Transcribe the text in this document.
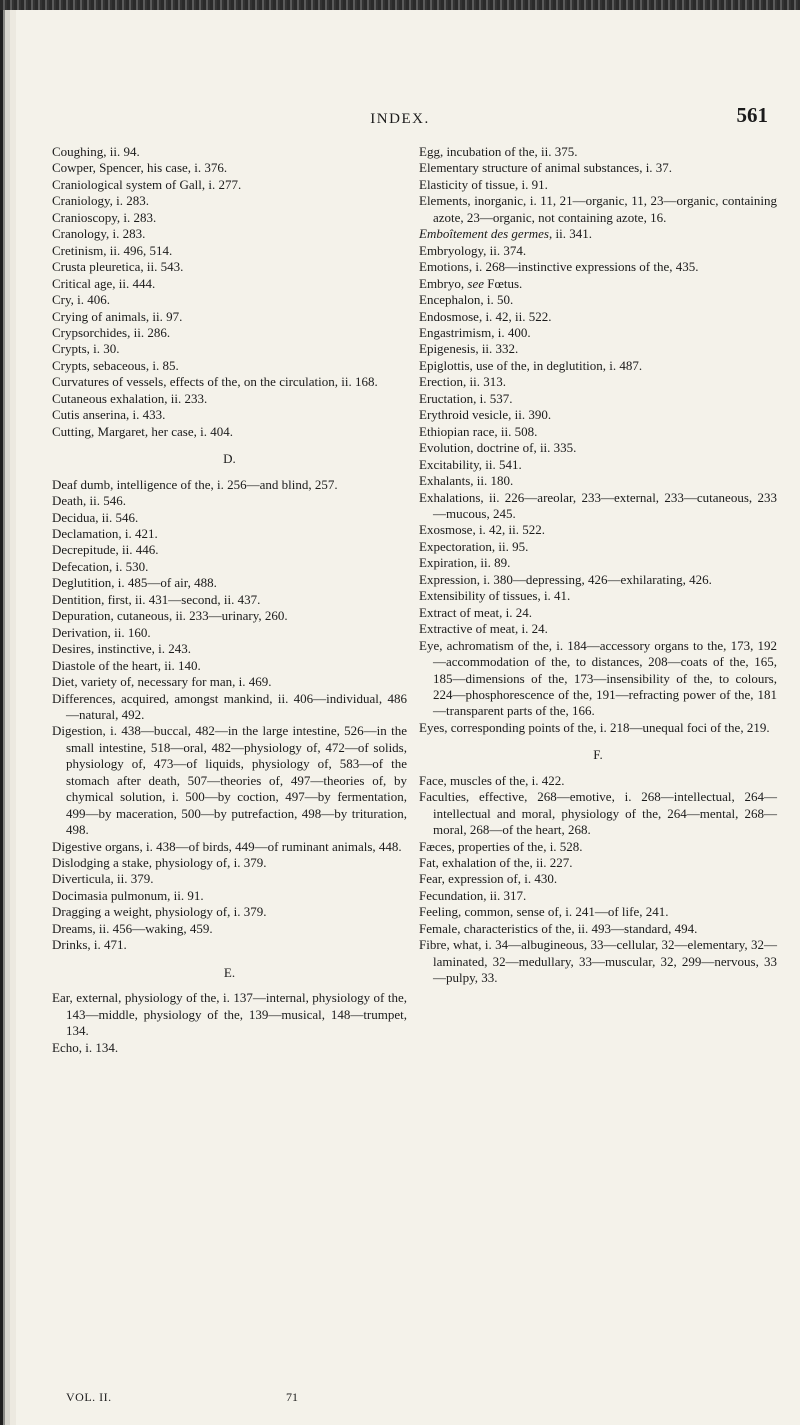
INDEX.	561
Coughing, ii. 94.
Cowper, Spencer, his case, i. 376.
Craniological system of Gall, i. 277.
Craniology, i. 283.
Cranioscopy, i. 283.
Cranology, i. 283.
Cretinism, ii. 496, 514.
Crusta pleuretica, ii. 543.
Critical age, ii. 444.
Cry, i. 406.
Crying of animals, ii. 97.
Crypsorchides, ii. 286.
Crypts, i. 30.
Crypts, sebaceous, i. 85.
Curvatures of vessels, effects of the, on the circulation, ii. 168.
Cutaneous exhalation, ii. 233.
Cutis anserina, i. 433.
Cutting, Margaret, her case, i. 404.
D.
Deaf dumb, intelligence of the, i. 256—and blind, 257.
Death, ii. 546.
Decidua, ii. 546.
Declamation, i. 421.
Decrepitude, ii. 446.
Defecation, i. 530.
Deglutition, i. 485—of air, 488.
Dentition, first, ii. 431—second, ii. 437.
Depuration, cutaneous, ii. 233—urinary, 260.
Derivation, ii. 160.
Desires, instinctive, i. 243.
Diastole of the heart, ii. 140.
Diet, variety of, necessary for man, i. 469.
Differences, acquired, amongst mankind, ii. 406—individual, 486—natural, 492.
Digestion, i. 438—buccal, 482—in the large intestine, 526—in the small intestine, 518—oral, 482—physiology of, 472—of solids, physiology of, 473—of liquids, physiology of, 583—of the stomach after death, 507—theories of, 497—theories of, by chymical solution, i. 500—by coction, 497—by fermentation, 499—by maceration, 500—by putrefaction, 498—by trituration, 498.
Digestive organs, i. 438—of birds, 449—of ruminant animals, 448.
Dislodging a stake, physiology of, i. 379.
Diverticula, ii. 379.
Docimasia pulmonum, ii. 91.
Dragging a weight, physiology of, i. 379.
Dreams, ii. 456—waking, 459.
Drinks, i. 471.
E.
Ear, external, physiology of the, i. 137—internal, physiology of the, 143—middle, physiology of the, 139—musical, 148—trumpet, 134.
Echo, i. 134.
Egg, incubation of the, ii. 375.
Elementary structure of animal substances, i. 37.
Elasticity of tissue, i. 91.
Elements, inorganic, i. 11, 21—organic, 11, 23—organic, containing azote, 23—organic, not containing azote, 16.
Emboîtement des germes, ii. 341.
Embryology, ii. 374.
Emotions, i. 268—instinctive expressions of the, 435.
Embryo, see Fœtus.
Encephalon, i. 50.
Endosmose, i. 42, ii. 522.
Engastrimism, i. 400.
Epigenesis, ii. 332.
Epiglottis, use of the, in deglutition, i. 487.
Erection, ii. 313.
Eructation, i. 537.
Erythroid vesicle, ii. 390.
Ethiopian race, ii. 508.
Evolution, doctrine of, ii. 335.
Excitability, ii. 541.
Exhalants, ii. 180.
Exhalations, ii. 226—areolar, 233—external, 233—cutaneous, 233—mucous, 245.
Exosmose, i. 42, ii. 522.
Expectoration, ii. 95.
Expiration, ii. 89.
Expression, i. 380—depressing, 426—exhilarating, 426.
Extensibility of tissues, i. 41.
Extract of meat, i. 24.
Extractive of meat, i. 24.
Eye, achromatism of the, i. 184—accessory organs to the, 173, 192—accommodation of the, to distances, 208—coats of the, 165, 185—dimensions of the, 173—insensibility of the, to colours, 224—phosphorescence of the, 191—refracting power of the, 181—transparent parts of the, 166.
Eyes, corresponding points of the, i. 218—unequal foci of the, 219.
F.
Face, muscles of the, i. 422.
Faculties, effective, 268—emotive, i. 268—intellectual, 264—intellectual and moral, physiology of the, 264—mental, 268—moral, 268—of the heart, 268.
Fæces, properties of the, i. 528.
Fat, exhalation of the, ii. 227.
Fear, expression of, i. 430.
Fecundation, ii. 317.
Feeling, common, sense of, i. 241—of life, 241.
Female, characteristics of the, ii. 493—standard, 494.
Fibre, what, i. 34—albugineous, 33—cellular, 32—elementary, 32—laminated, 32—medullary, 33—muscular, 32, 299—nervous, 33—pulpy, 33.
VOL. II.	71
